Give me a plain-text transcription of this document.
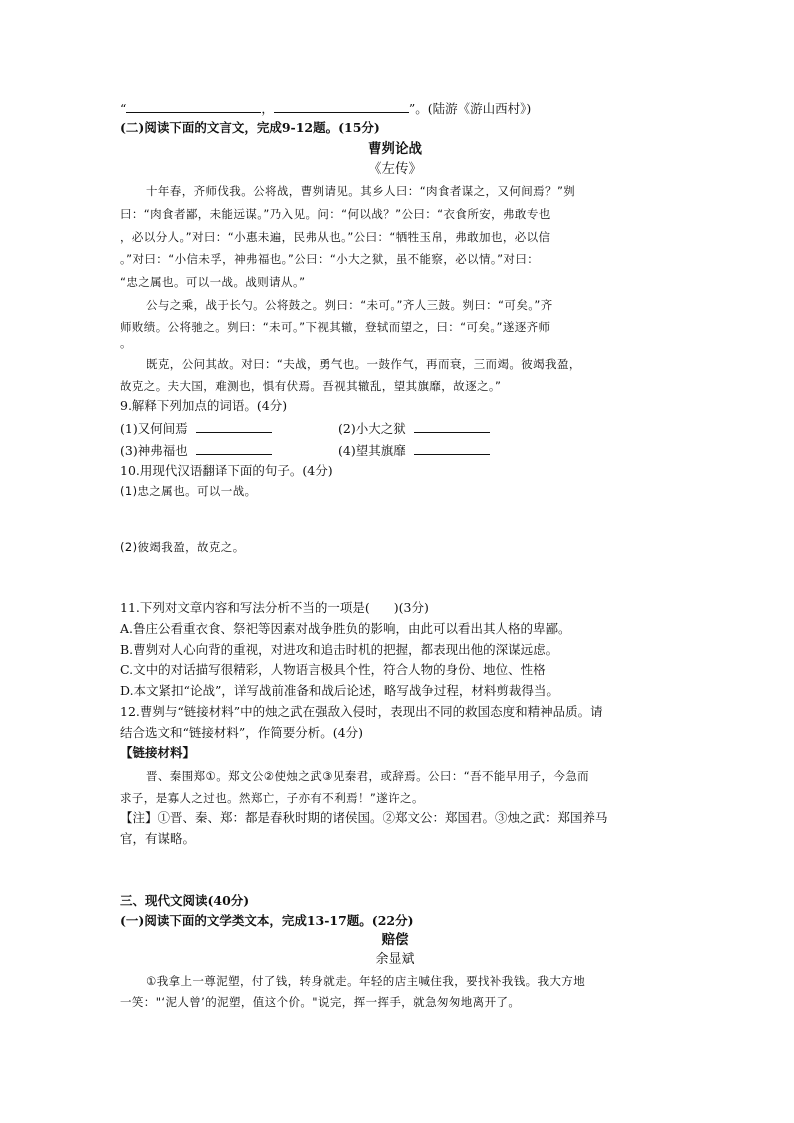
“	，	”。(陆游《游山西村》)
(二)阅读下面的文言文，完成9-12题。(15分)
曹刿论战
《左传》
十年春，齐师伐我。公将战，曹刿请见。其乡人曰：“肉食者谋之，又何间焉？”刿
曰：“肉食者鄙，未能远谋。”乃入见。问：“何以战？”公曰：“衣食所安，弗敢专也
，必以分人。”对曰：“小惠未遍，民弗从也。”公曰：“牺牲玉帛，弗敢加也，必以信
。”对曰：“小信未孚，神弗福也。”公曰：“小大之狱，虽不能察，必以情。”对曰：
“忠之属也。可以一战。战则请从。”
公与之乘，战于长勺。公将鼓之。刿曰：“未可。”齐人三鼓。刿曰：“可矣。”齐
师败绩。公将驰之。刿曰：“未可。”下视其辙，登轼而望之，曰：“可矣。”遂逐齐师
。
既克，公问其故。对曰：“夫战，勇气也。一鼓作气，再而衰，三而竭。彼竭我盈，
故克之。夫大国，难测也，惧有伏焉。吾视其辙乱，望其旗靡，故逐之。”
9.解释下列加点的词语。(4分)
(1)又何间焉	(2)小大之狱
(3)神弗福也	(4)望其旗靡
10.用现代汉语翻译下面的句子。(4分)
(1)忠之属也。可以一战。
(2)彼竭我盈，故克之。
11.下列对文章内容和写法分析不当的一项是( )(3分)
A.鲁庄公看重衣食、祭祀等因素对战争胜负的影响，由此可以看出其人格的卑鄙。
B.曹刿对人心向背的重视，对进攻和追击时机的把握，都表现出他的深谋远虑。
C.文中的对话描写很精彩，人物语言极具个性，符合人物的身份、地位、性格
D.本文紧扣“论战”，详写战前准备和战后论述，略写战争过程，材料剪裁得当。
12.曹刿与“链接材料”中的烛之武在强敌入侵时，表现出不同的救国态度和精神品质。请
结合选文和“链接材料”，作简要分析。(4分)
【链接材料】
晋、秦围郑①。郑文公②使烛之武③见秦君，或辞焉。公曰：“吾不能早用子，今急而
求子，是寡人之过也。然郑亡，子亦有不利焉！”遂许之。
【注】①晋、秦、郑：都是春秋时期的诸侯国。②郑文公：郑国君。③烛之武：郑国养马
官，有谋略。
三、现代文阅读(40分)
(一)阅读下面的文学类文本，完成13-17题。(22分)
赔偿
余显斌
①我拿上一尊泥塑，付了钱，转身就走。年轻的店主喊住我，要找补我钱。我大方地
一笑："‘泥人曾’的泥塑，值这个价。"说完，挥一挥手，就急匆匆地离开了。
